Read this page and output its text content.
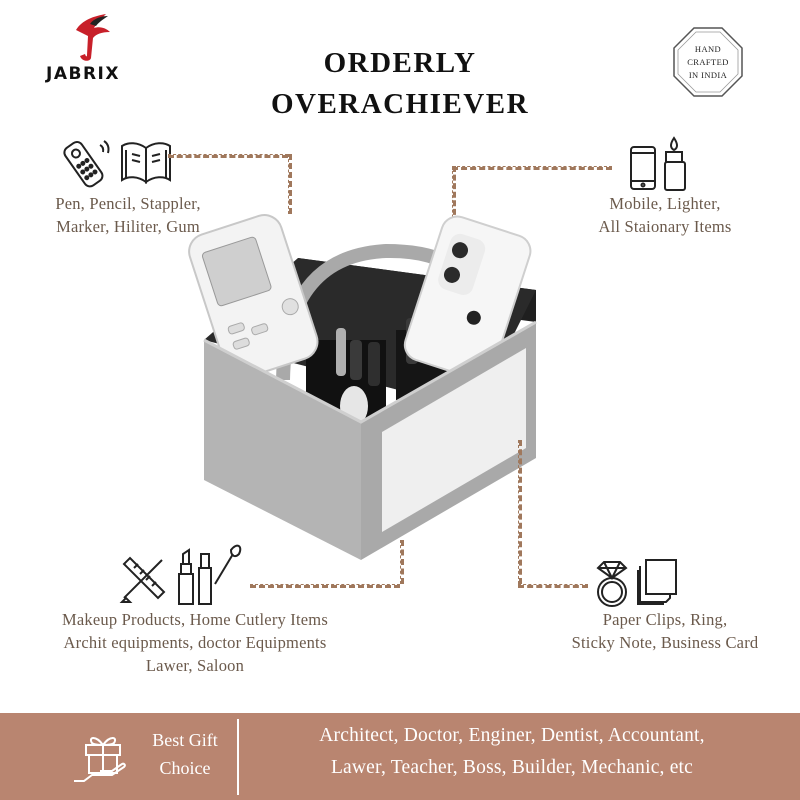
JABRIX	ORDERLY
OVERACHIEVER
HAND
CRAFTED
IN INDIA
Pen, Pencil, Stappler,
Marker, Hiliter, Gum
Mobile, Lighter,
All Staionary Items
Makeup Products, Home Cutlery Items
Archit equipments, doctor Equipments
Lawer, Saloon
Paper Clips, Ring,
Sticky Note, Business Card
Best Gift
Choice
Architect, Doctor, Enginer, Dentist, Accountant,
Lawer, Teacher, Boss, Builder, Mechanic, etc
